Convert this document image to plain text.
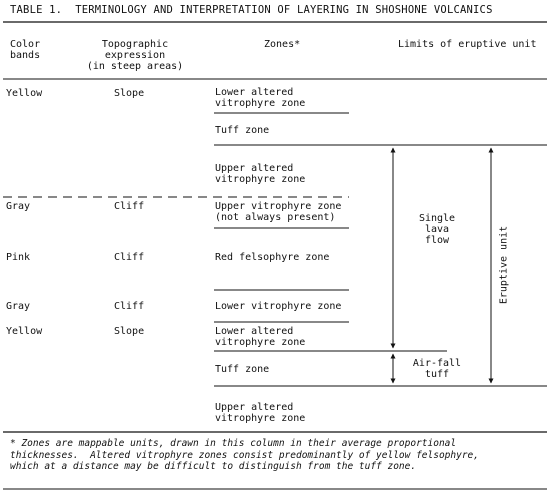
TABLE 1.  TERMINOLOGY AND INTERPRETATION OF LAYERING IN SHOSHONE VOLCANICS
Color
bands
Topographic
expression
(in steep areas)
Zones*	Limits of eruptive unit
Yellow
Gray
Pink
Gray
Yellow
Slope
Cliff
Cliff
Cliff
Slope
Lower altered
vitrophyre zone
Tuff zone
Upper altered
vitrophyre zone
Upper vitrophyre zone
(not always present)
Red felsophyre zone
Lower vitrophyre zone
Lower altered
vitrophyre zone
Tuff zone
Upper altered
vitrophyre zone
Single
lava
flow
Air-fall
tuff
Eruptive unit
* Zones are mappable units, drawn in this column in their average proportional
thicknesses.  Altered vitrophyre zones consist predominantly of yellow felsophyre,
which at a distance may be difficult to distinguish from the tuff zone.
